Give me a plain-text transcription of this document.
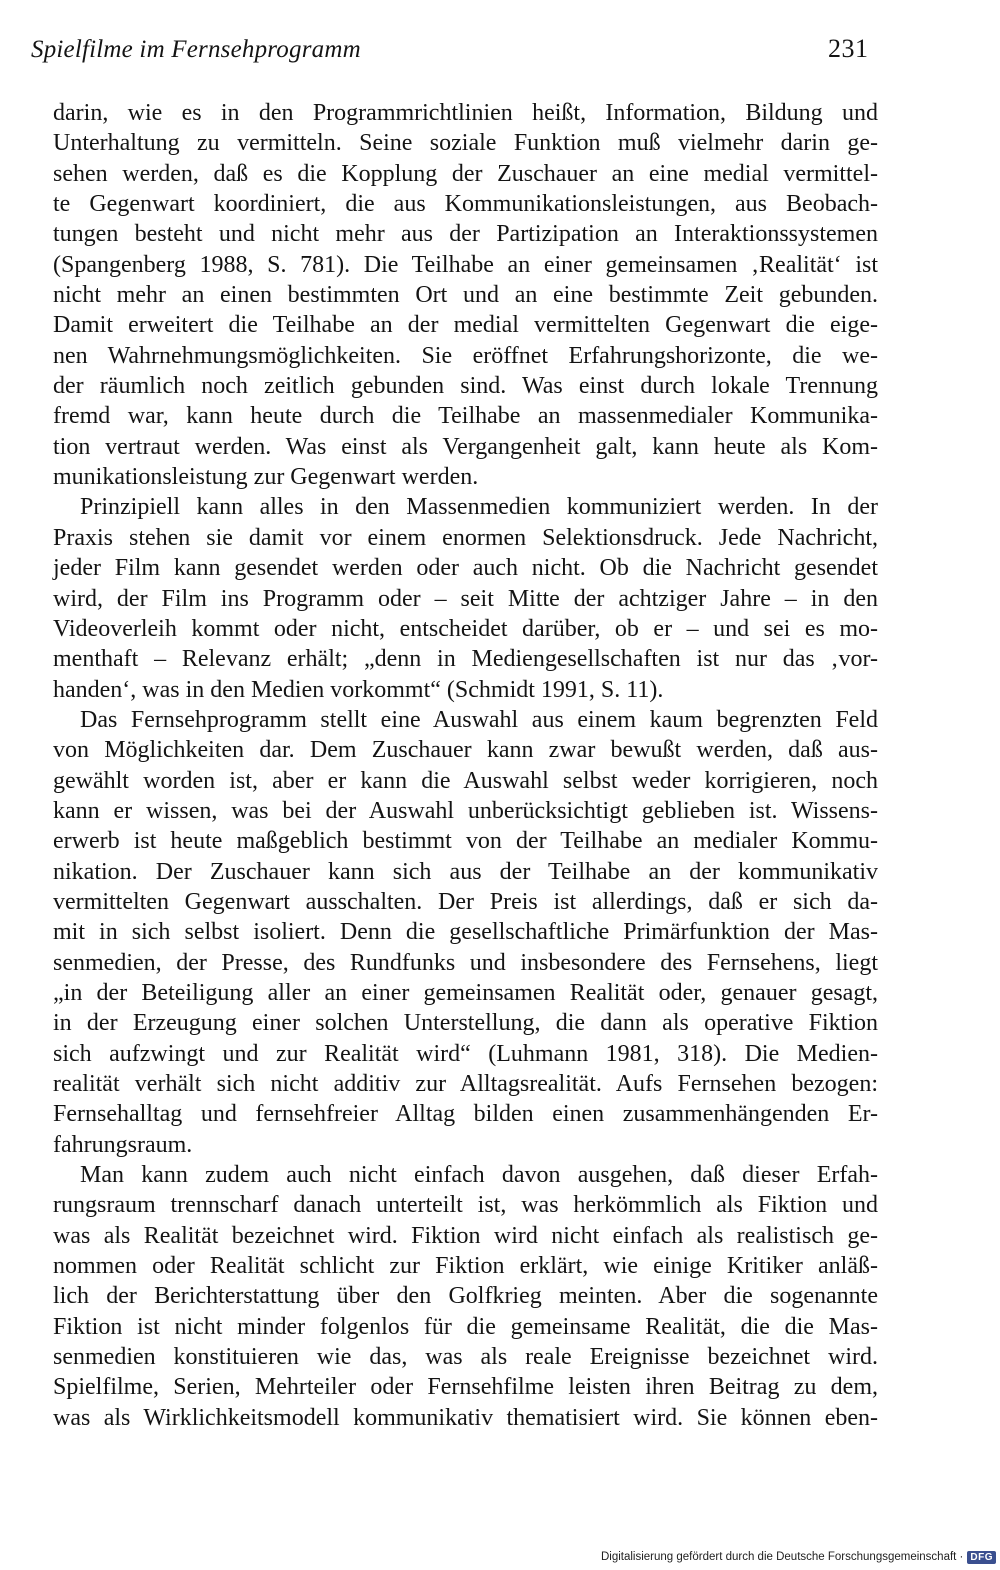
Spielfilme im Fernsehprogramm	231
darin, wie es in den Programmrichtlinien heißt, Information, Bildung und
Unterhaltung zu vermitteln. Seine soziale Funktion muß vielmehr darin ge-
sehen werden, daß es die Kopplung der Zuschauer an eine medial vermittel-
te Gegenwart koordiniert, die aus Kommunikationsleistungen, aus Beobach-
tungen besteht und nicht mehr aus der Partizipation an Interaktionssystemen
(Spangenberg 1988, S. 781). Die Teilhabe an einer gemeinsamen ‚Realität‘ ist
nicht mehr an einen bestimmten Ort und an eine bestimmte Zeit gebunden.
Damit erweitert die Teilhabe an der medial vermittelten Gegenwart die eige-
nen Wahrnehmungsmöglichkeiten. Sie eröffnet Erfahrungshorizonte, die we-
der räumlich noch zeitlich gebunden sind. Was einst durch lokale Trennung
fremd war, kann heute durch die Teilhabe an massenmedialer Kommunika-
tion vertraut werden. Was einst als Vergangenheit galt, kann heute als Kom-
munikationsleistung zur Gegenwart werden.
Prinzipiell kann alles in den Massenmedien kommuniziert werden. In der
Praxis stehen sie damit vor einem enormen Selektionsdruck. Jede Nachricht,
jeder Film kann gesendet werden oder auch nicht. Ob die Nachricht gesendet
wird, der Film ins Programm oder – seit Mitte der achtziger Jahre – in den
Videoverleih kommt oder nicht, entscheidet darüber, ob er – und sei es mo-
menthaft – Relevanz erhält; „denn in Mediengesellschaften ist nur das ‚vor-
handen‘, was in den Medien vorkommt“ (Schmidt 1991, S. 11).
Das Fernsehprogramm stellt eine Auswahl aus einem kaum begrenzten Feld
von Möglichkeiten dar. Dem Zuschauer kann zwar bewußt werden, daß aus-
gewählt worden ist, aber er kann die Auswahl selbst weder korrigieren, noch
kann er wissen, was bei der Auswahl unberücksichtigt geblieben ist. Wissens-
erwerb ist heute maßgeblich bestimmt von der Teilhabe an medialer Kommu-
nikation. Der Zuschauer kann sich aus der Teilhabe an der kommunikativ
vermittelten Gegenwart ausschalten. Der Preis ist allerdings, daß er sich da-
mit in sich selbst isoliert. Denn die gesellschaftliche Primärfunktion der Mas-
senmedien, der Presse, des Rundfunks und insbesondere des Fernsehens, liegt
„in der Beteiligung aller an einer gemeinsamen Realität oder, genauer gesagt,
in der Erzeugung einer solchen Unterstellung, die dann als operative Fiktion
sich aufzwingt und zur Realität wird“ (Luhmann 1981, 318). Die Medien-
realität verhält sich nicht additiv zur Alltagsrealität. Aufs Fernsehen bezogen:
Fernsehalltag und fernsehfreier Alltag bilden einen zusammenhängenden Er-
fahrungsraum.
Man kann zudem auch nicht einfach davon ausgehen, daß dieser Erfah-
rungsraum trennscharf danach unterteilt ist, was herkömmlich als Fiktion und
was als Realität bezeichnet wird. Fiktion wird nicht einfach als realistisch ge-
nommen oder Realität schlicht zur Fiktion erklärt, wie einige Kritiker anläß-
lich der Berichterstattung über den Golfkrieg meinten. Aber die sogenannte
Fiktion ist nicht minder folgenlos für die gemeinsame Realität, die die Mas-
senmedien konstituieren wie das, was als reale Ereignisse bezeichnet wird.
Spielfilme, Serien, Mehrteiler oder Fernsehfilme leisten ihren Beitrag zu dem,
was als Wirklichkeitsmodell kommunikativ thematisiert wird. Sie können eben-
Digitalisierung gefördert durch die Deutsche Forschungsgemeinschaft · DFG
